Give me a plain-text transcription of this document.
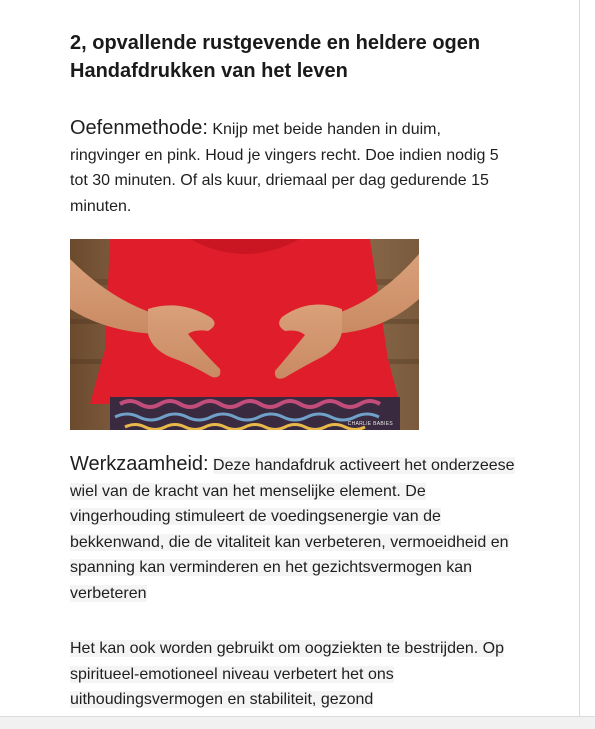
2, opvallende rustgevende en heldere ogen
Handafdrukken van het leven

Oefenmethode: Knijp met beide handen in duim, ringvinger en pink. Houd je vingers recht. Doe indien nodig 5 tot 30 minuten. Of als kuur, driemaal per dag gedurende 15 minuten.

CHARLIE BABIES

Werkzaamheid: Deze handafdruk activeert het onderzeese wiel van de kracht van het menselijke element. De vingerhouding stimuleert de voedingsenergie van de bekkenwand, die de vitaliteit kan verbeteren, vermoeidheid en spanning kan verminderen en het gezichtsvermogen kan verbeteren

Het kan ook worden gebruikt om oogziekten te bestrijden. Op spiritueel-emotioneel niveau verbetert het ons uithoudingsvermogen en stabiliteit, gezond
